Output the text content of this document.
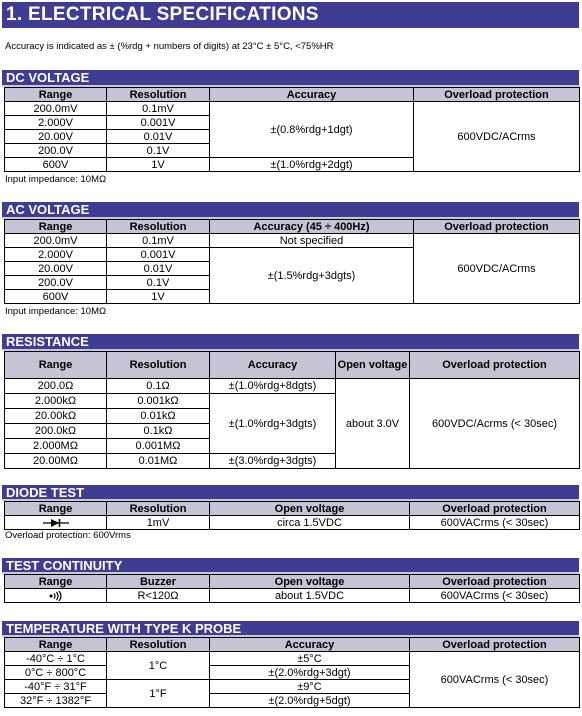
1. ELECTRICAL SPECIFICATIONS
Accuracy is indicated as ± (%rdg + numbers of digits) at 23°C ± 5°C, <75%HR
DC VOLTAGE
Range	Resolution	Accuracy	Overload protection
200.0mV	0.1mV	±(0.8%rdg+1dgt)	600VDC/ACrms
2.000V	0.001V		
20.00V	0.01V		
200.0V	0.1V		
600V	1V	±(1.0%rdg+2dgt)	
Input impedance: 10MΩ
AC VOLTAGE
Range	Resolution	Accuracy (45 ÷ 400Hz)	Overload protection
200.0mV	0.1mV	Not specified	600VDC/ACrms
2.000V	0.001V	±(1.5%rdg+3dgts)	
20.00V	0.01V		
200.0V	0.1V		
600V	1V		
Input impedance: 10MΩ
RESISTANCE
Range	Resolution	Accuracy	Open voltage	Overload protection
200.0Ω	0.1Ω	±(1.0%rdg+8dgts)	about 3.0V	600VDC/Acrms (< 30sec)
2.000kΩ	0.001kΩ	±(1.0%rdg+3dgts)		
20.00kΩ	0.01kΩ			
200.0kΩ	0.1kΩ			
2.000MΩ	0.001MΩ			
20.00MΩ	0.01MΩ	±(3.0%rdg+3dgts)		
DIODE TEST
Range	Resolution	Open voltage	Overload protection
	1mV	circa 1.5VDC	600VACrms (< 30sec)
Overload protection: 600Vrms
TEST CONTINUITY
Range	Buzzer	Open voltage	Overload protection
	R<120Ω	about 1.5VDC	600VACrms (< 30sec)
TEMPERATURE WITH TYPE K PROBE
Range	Resolution	Accuracy	Overload protection
-40°C ÷ 1°C	1°C	±5°C	600VACrms (< 30sec)
0°C ÷ 800°C		±(2.0%rdg+3dgt)	
-40°F ÷ 31°F	1°F	±9°C	
32°F ÷ 1382°F		±(2.0%rdg+5dgt)	
